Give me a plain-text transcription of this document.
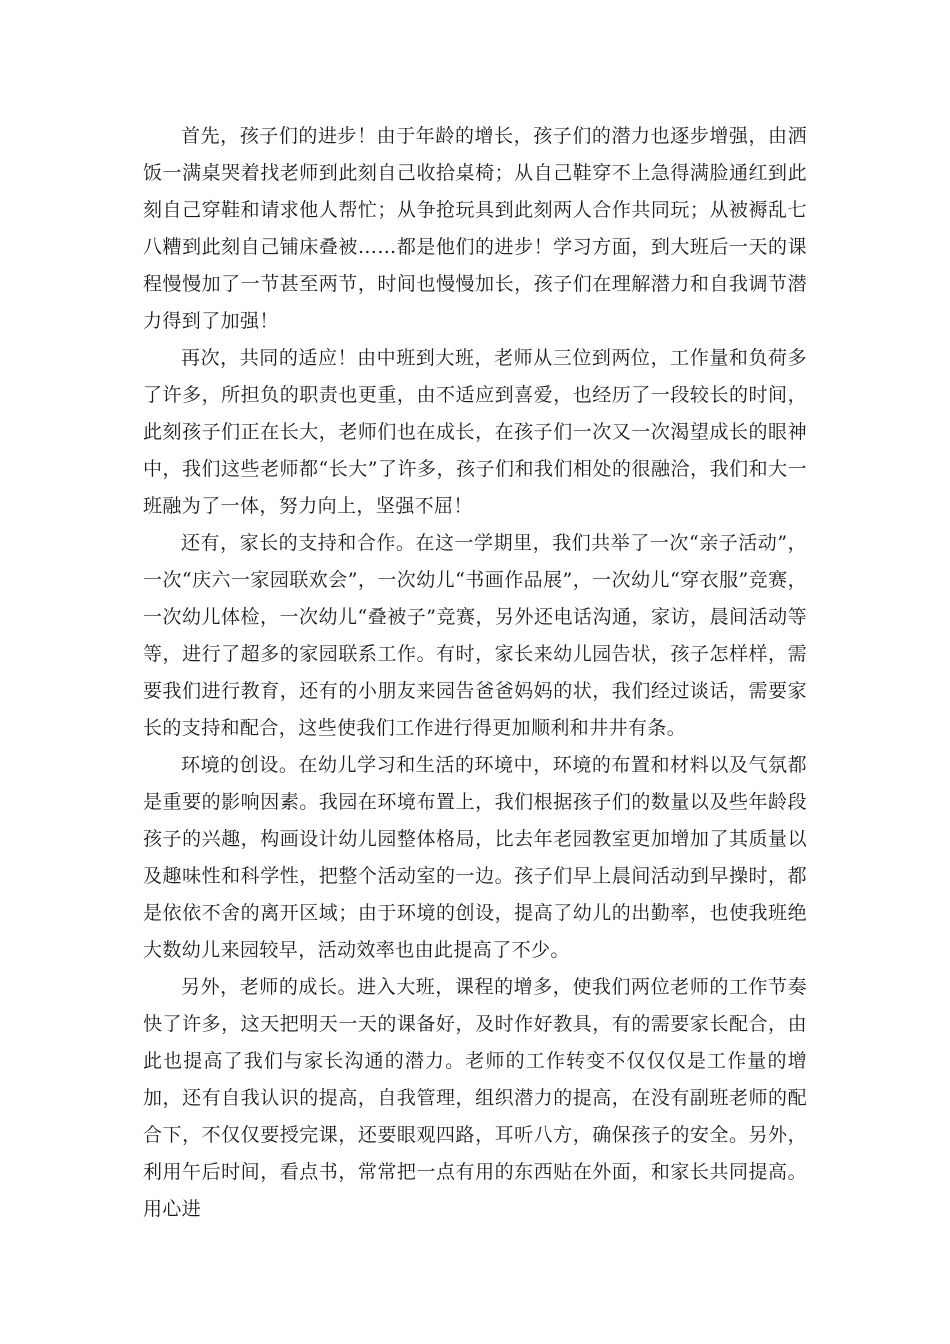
首先，孩子们的进步！由于年龄的增长，孩子们的潜力也逐步增强，由洒饭一满桌哭着找老师到此刻自己收拾桌椅；从自己鞋穿不上急得满脸通红到此刻自己穿鞋和请求他人帮忙；从争抢玩具到此刻两人合作共同玩；从被褥乱七八糟到此刻自己铺床叠被……都是他们的进步！学习方面，到大班后一天的课程慢慢加了一节甚至两节，时间也慢慢加长，孩子们在理解潜力和自我调节潜力得到了加强！

再次，共同的适应！由中班到大班，老师从三位到两位，工作量和负荷多了许多，所担负的职责也更重，由不适应到喜爱，也经历了一段较长的时间，此刻孩子们正在长大，老师们也在成长，在孩子们一次又一次渴望成长的眼神中，我们这些老师都“长大”了许多，孩子们和我们相处的很融洽，我们和大一班融为了一体，努力向上，坚强不屈！

还有，家长的支持和合作。在这一学期里，我们共举了一次“亲子活动”，一次“庆六一家园联欢会”，一次幼儿“书画作品展”，一次幼儿“穿衣服”竞赛，一次幼儿体检，一次幼儿“叠被子”竞赛，另外还电话沟通，家访，晨间活动等等，进行了超多的家园联系工作。有时，家长来幼儿园告状，孩子怎样样，需要我们进行教育，还有的小朋友来园告爸爸妈妈的状，我们经过谈话，需要家长的支持和配合，这些使我们工作进行得更加顺利和井井有条。

环境的创设。在幼儿学习和生活的环境中，环境的布置和材料以及气氛都是重要的影响因素。我园在环境布置上，我们根据孩子们的数量以及些年龄段孩子的兴趣，构画设计幼儿园整体格局，比去年老园教室更加增加了其质量以及趣味性和科学性，把整个活动室的一边。孩子们早上晨间活动到早操时，都是依依不舍的离开区域；由于环境的创设，提高了幼儿的出勤率，也使我班绝大数幼儿来园较早，活动效率也由此提高了不少。

另外，老师的成长。进入大班，课程的增多，使我们两位老师的工作节奏快了许多，这天把明天一天的课备好，及时作好教具，有的需要家长配合，由此也提高了我们与家长沟通的潜力。老师的工作转变不仅仅仅是工作量的增加，还有自我认识的提高，自我管理，组织潜力的提高，在没有副班老师的配合下，不仅仅要授完课，还要眼观四路，耳听八方，确保孩子的安全。另外，利用午后时间，看点书，常常把一点有用的东西贴在外面，和家长共同提高。用心进
